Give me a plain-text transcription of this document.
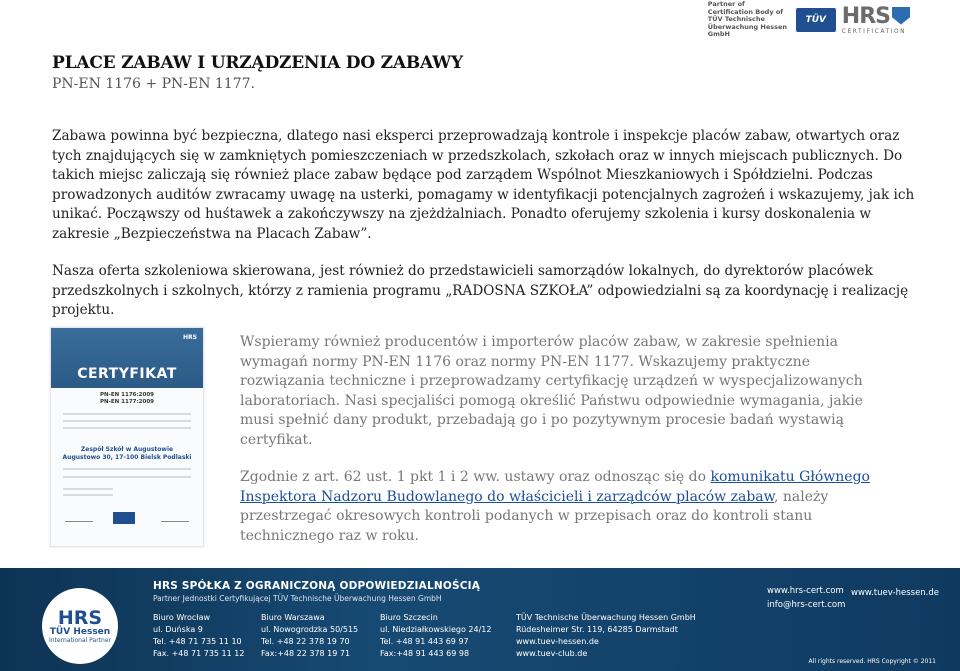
Partner of Certification Body of TÜV Technische Überwachung Hessen GmbH
TÜV HRS
CERTIFICATION
PLACE ZABAW I URZĄDZENIA DO ZABAWY
PN-EN 1176 + PN-EN 1177.

Zabawa powinna być bezpieczna, dlatego nasi eksperci przeprowadzają kontrole i inspekcje placów zabaw, otwartych oraz tych znajdujących się w zamkniętych pomieszczeniach w przedszkolach, szkołach oraz w innych miejscach publicznych. Do takich miejsc zaliczają się również place zabaw będące pod zarządem Wspólnot Mieszkaniowych i Spółdzielni. Podczas prowadzonych auditów zwracamy uwagę na usterki, pomagamy w identyfikacji potencjalnych zagrożeń i wskazujemy, jak ich unikać. Począwszy od huśtawek a zakończywszy na zjeżdżalniach. Ponadto oferujemy szkolenia i kursy doskonalenia w zakresie „Bezpieczeństwa na Placach Zabaw”.

Nasza oferta szkoleniowa skierowana, jest również do przedstawicieli samorządów lokalnych, do dyrektorów placówek przedszkolnych i szkolnych, którzy z ramienia programu „RADOSNA SZKOŁA” odpowiedzialni są za koordynację i realizację projektu.

HRS
CERTYFIKAT
PN-EN 1176:2009
PN-EN 1177:2009
Zespół Szkół w Augustowie
Augustowo 30, 17-100 Bielsk Podlaski

Wspieramy również producentów i importerów placów zabaw, w zakresie spełnienia wymagań normy PN-EN 1176 oraz normy PN-EN 1177. Wskazujemy praktyczne rozwiązania techniczne i przeprowadzamy certyfikację urządzeń w wyspecjalizowanych laboratoriach. Nasi specjaliści pomogą określić Państwu odpowiednie wymagania, jakie musi spełnić dany produkt, przebadają go i po pozytywnym procesie badań wystawią certyfikat.

Zgodnie z art. 62 ust. 1 pkt 1 i 2 ww. ustawy oraz odnosząc się do komunikatu Głównego Inspektora Nadzoru Budowlanego do właścicieli i zarządców placów zabaw, należy przestrzegać okresowych kontroli podanych w przepisach oraz do kontroli stanu technicznego raz w roku.

HRS
TÜV Hessen
International Partner
HRS SPÓŁKA Z OGRANICZONĄ ODPOWIEDZIALNOŚCIĄ
Partner Jednostki Certyfikującej TÜV Technische Überwachung Hessen GmbH
Biuro Wrocław
ul. Duńska 9
Tel. +48 71 735 11 10
Fax. +48 71 735 11 12
Biuro Warszawa
ul. Nowogrodzka 50/515
Tel. +48 22 378 19 70
Fax:+48 22 378 19 71
Biuro Szczecin
ul. Niedziałkowskiego 24/12
Tel. +48 91 443 69 97
Fax:+48 91 443 69 98
TÜV Technische Überwachung Hessen GmbH
Rüdesheimer Str. 119, 64285 Darmstadt
www.tuev-hessen.de
www.tuev-club.de
www.hrs-cert.com
info@hrs-cert.com
www.tuev-hessen.de
All rights reserved. HRS Copyright © 2011
